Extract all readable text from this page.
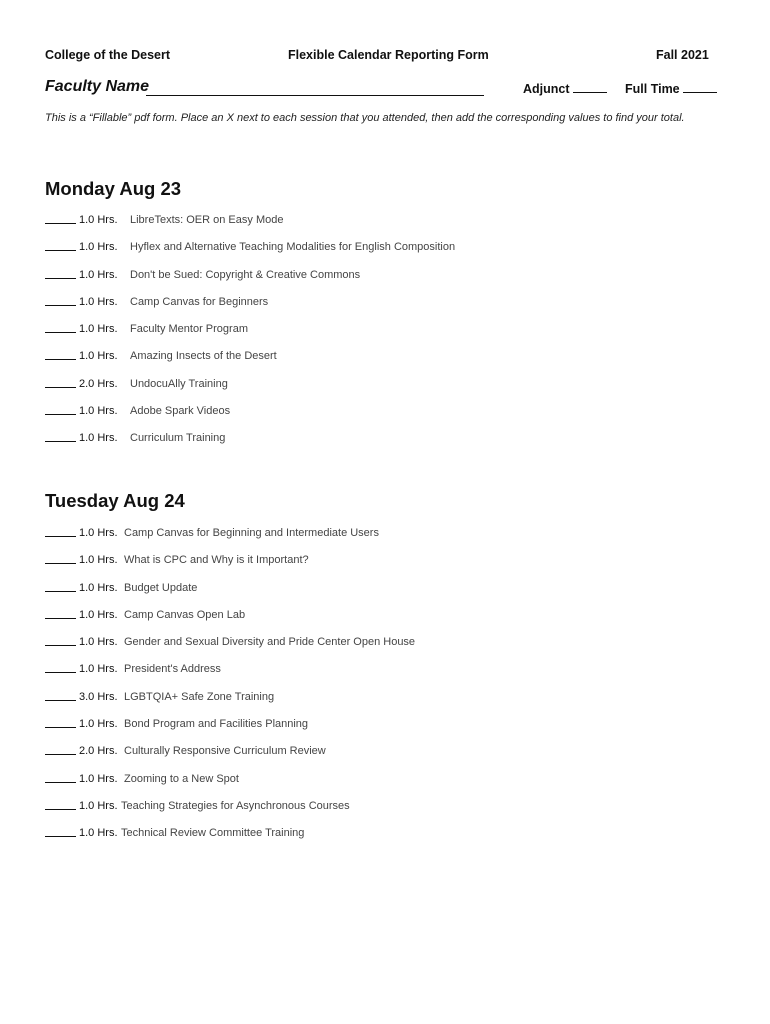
College of the Desert	Flexible Calendar Reporting Form	Fall 2021
Faculty Name	Adjunct	Full Time
This is a “Fillable” pdf form. Place an X next to each session that you attended, then add the corresponding values to find your total.
Monday Aug 23
1.0 Hrs. LibreTexts: OER on Easy Mode
1.0 Hrs. Hyflex and Alternative Teaching Modalities for English Composition
1.0 Hrs. Don't be Sued: Copyright & Creative Commons
1.0 Hrs. Camp Canvas for Beginners
1.0 Hrs. Faculty Mentor Program
1.0 Hrs. Amazing Insects of the Desert
2.0 Hrs. UndocuAlly Training
1.0 Hrs. Adobe Spark Videos
1.0 Hrs. Curriculum Training
Tuesday Aug 24
1.0 Hrs. Camp Canvas for Beginning and Intermediate Users
1.0 Hrs. What is CPC and Why is it Important?
1.0 Hrs. Budget Update
1.0 Hrs. Camp Canvas Open Lab
1.0 Hrs. Gender and Sexual Diversity and Pride Center Open House
1.0 Hrs. President's Address
3.0 Hrs. LGBTQIA+ Safe Zone Training
1.0 Hrs. Bond Program and Facilities Planning
2.0 Hrs. Culturally Responsive Curriculum Review
1.0 Hrs. Zooming to a New Spot
1.0 Hrs. Teaching Strategies for Asynchronous Courses
1.0 Hrs. Technical Review Committee Training
